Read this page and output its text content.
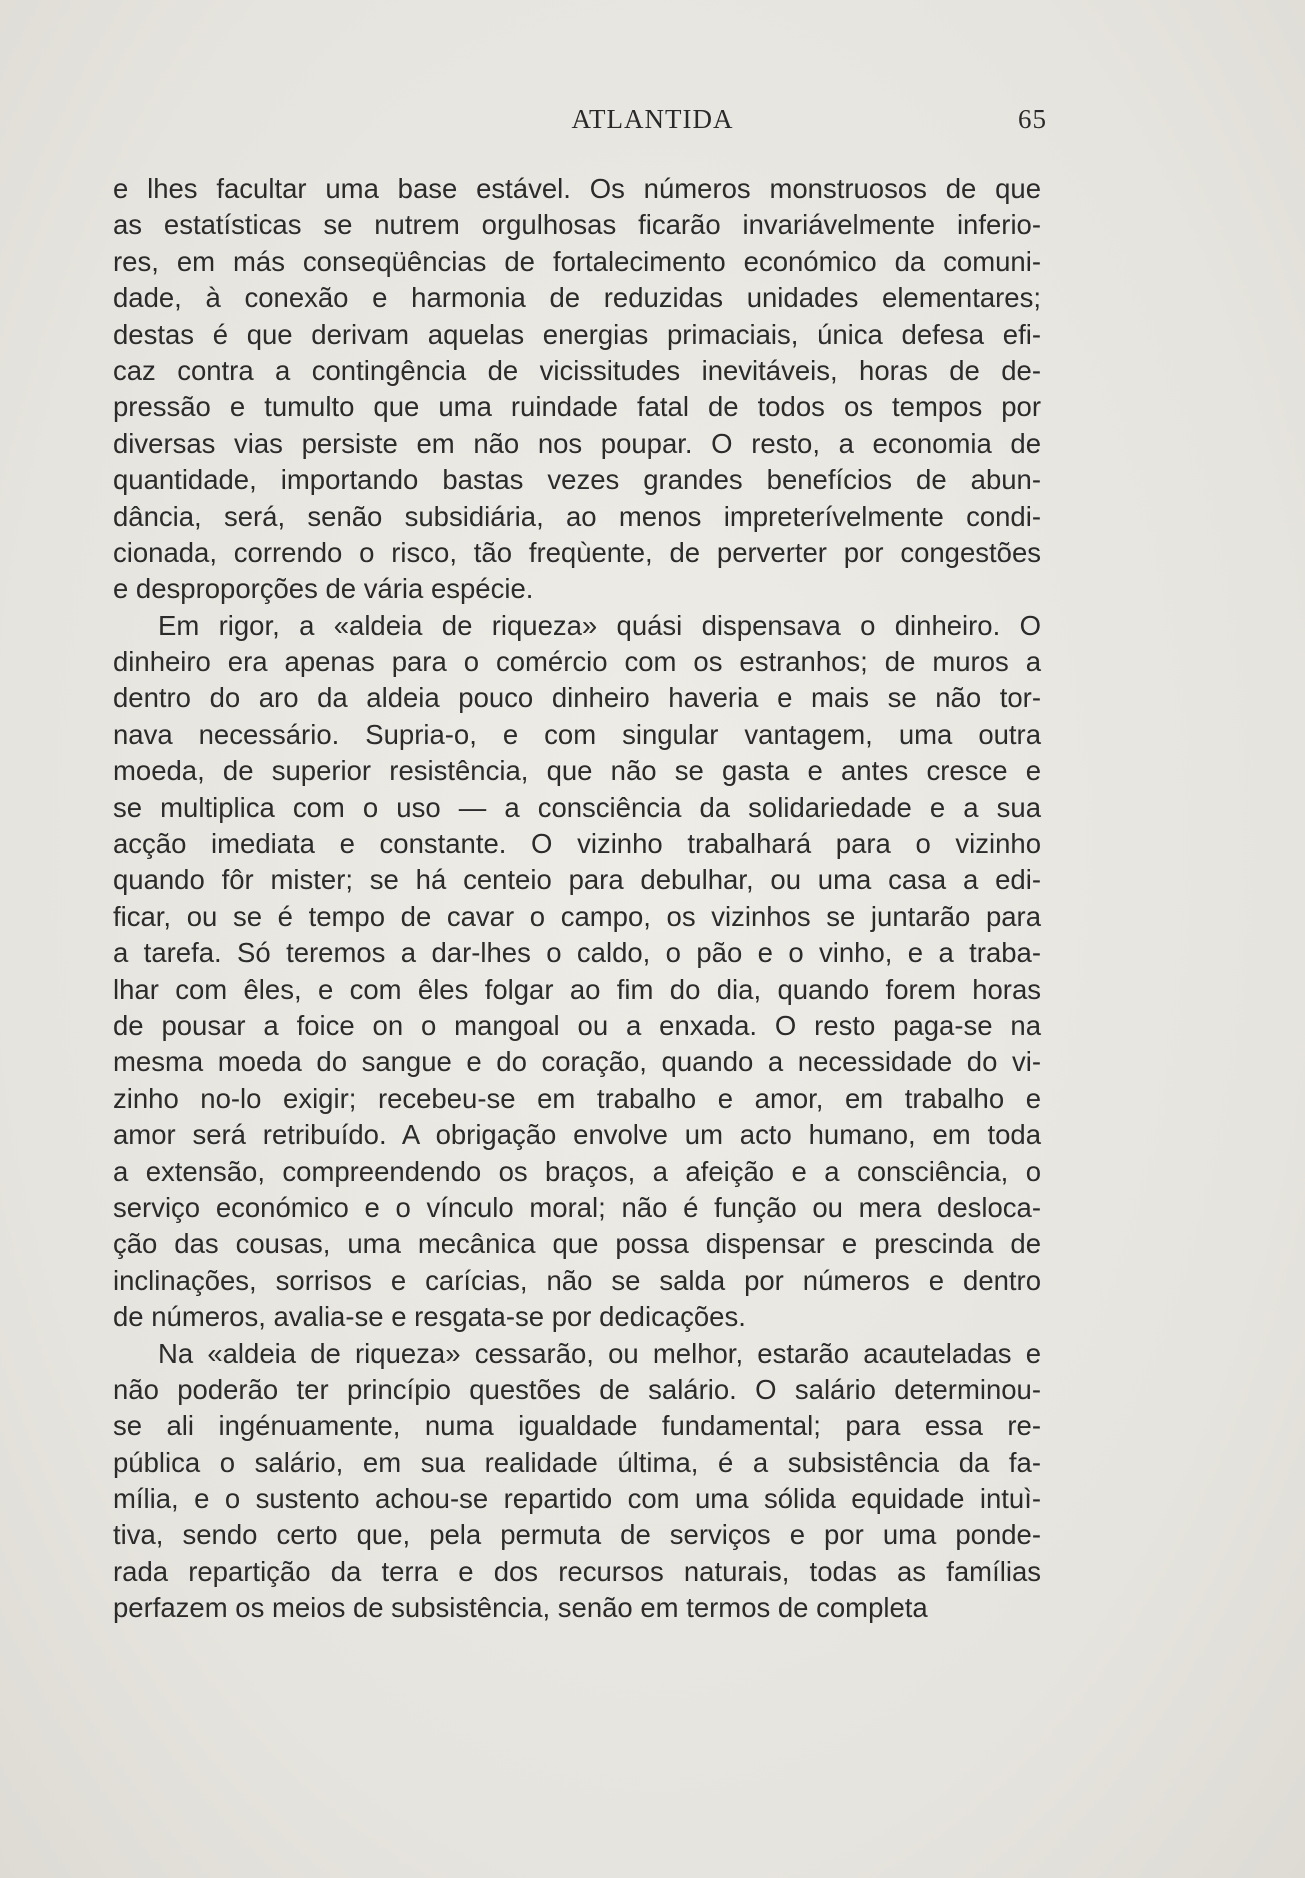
ATLANTIDA	65
e lhes facultar uma base estável. Os números monstruosos de que
as estatísticas se nutrem orgulhosas ficarão invariávelmente inferio-
res, em más conseqüências de fortalecimento económico da comuni-
dade, à conexão e harmonia de reduzidas unidades elementares;
destas é que derivam aquelas energias primaciais, única defesa efi-
caz contra a contingência de vicissitudes inevitáveis, horas de de-
pressão e tumulto que uma ruindade fatal de todos os tempos por
diversas vias persiste em não nos poupar. O resto, a economia de
quantidade, importando bastas vezes grandes benefícios de abun-
dância, será, senão subsidiária, ao menos impreterívelmente condi-
cionada, correndo o risco, tão freqùente, de perverter por congestões
e desproporções de vária espécie.
Em rigor, a «aldeia de riqueza» quási dispensava o dinheiro. O
dinheiro era apenas para o comércio com os estranhos; de muros a
dentro do aro da aldeia pouco dinheiro haveria e mais se não tor-
nava necessário. Supria-o, e com singular vantagem, uma outra
moeda, de superior resistência, que não se gasta e antes cresce e
se multiplica com o uso — a consciência da solidariedade e a sua
acção imediata e constante. O vizinho trabalhará para o vizinho
quando fôr mister; se há centeio para debulhar, ou uma casa a edi-
ficar, ou se é tempo de cavar o campo, os vizinhos se juntarão para
a tarefa. Só teremos a dar-lhes o caldo, o pão e o vinho, e a traba-
lhar com êles, e com êles folgar ao fim do dia, quando forem horas
de pousar a foice on o mangoal ou a enxada. O resto paga-se na
mesma moeda do sangue e do coração, quando a necessidade do vi-
zinho no-lo exigir; recebeu-se em trabalho e amor, em trabalho e
amor será retribuído. A obrigação envolve um acto humano, em toda
a extensão, compreendendo os braços, a afeição e a consciência, o
serviço económico e o vínculo moral; não é função ou mera desloca-
ção das cousas, uma mecânica que possa dispensar e prescinda de
inclinações, sorrisos e carícias, não se salda por números e dentro
de números, avalia-se e resgata-se por dedicações.
Na «aldeia de riqueza» cessarão, ou melhor, estarão acauteladas e
não poderão ter princípio questões de salário. O salário determinou-
se ali ingénuamente, numa igualdade fundamental; para essa re-
pública o salário, em sua realidade última, é a subsistência da fa-
mília, e o sustento achou-se repartido com uma sólida equidade intuì-
tiva, sendo certo que, pela permuta de serviços e por uma ponde-
rada repartição da terra e dos recursos naturais, todas as famílias
perfazem os meios de subsistência, senão em termos de completa
